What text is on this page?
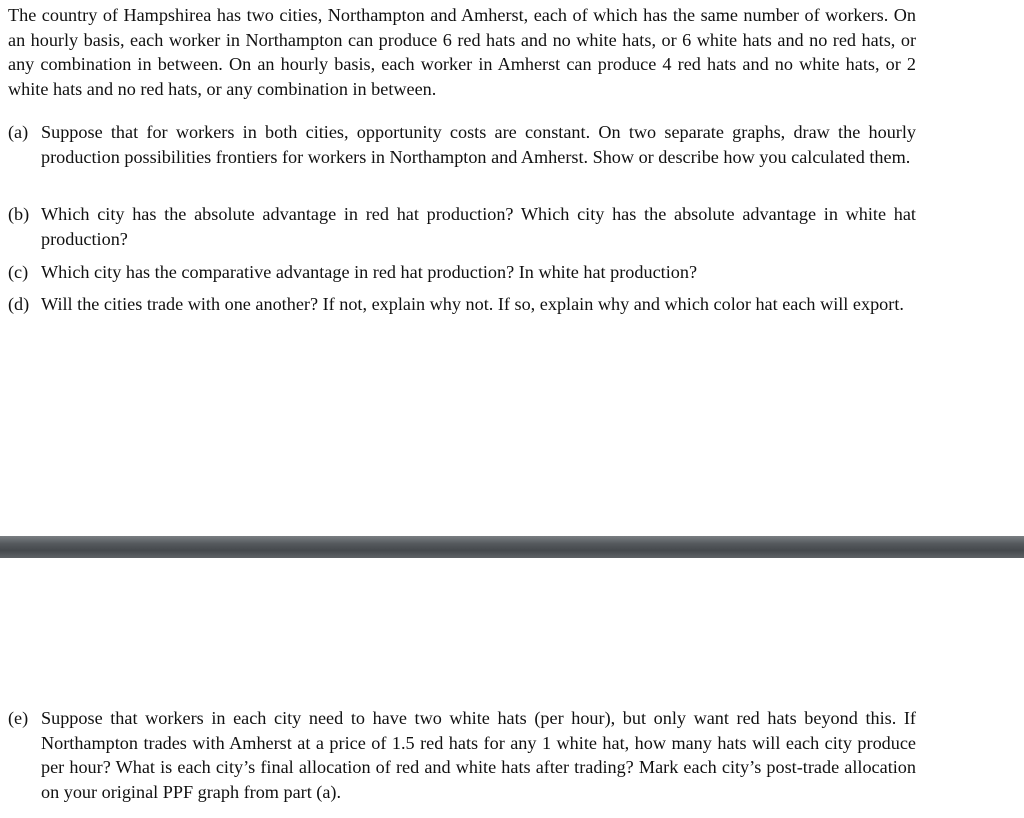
The country of Hampshirea has two cities, Northampton and Amherst, each of which has the same number of workers. On an hourly basis, each worker in Northampton can produce 6 red hats and no white hats, or 6 white hats and no red hats, or any combination in between. On an hourly basis, each worker in Amherst can produce 4 red hats and no white hats, or 2 white hats and no red hats, or any combination in between.

(a) Suppose that for workers in both cities, opportunity costs are constant. On two separate graphs, draw the hourly production possibilities frontiers for workers in Northampton and Amherst. Show or describe how you calculated them.
(b) Which city has the absolute advantage in red hat production? Which city has the absolute advantage in white hat production?
(c) Which city has the comparative advantage in red hat production? In white hat production?
(d) Will the cities trade with one another? If not, explain why not. If so, explain why and which color hat each will export.
(e) Suppose that workers in each city need to have two white hats (per hour), but only want red hats beyond this. If Northampton trades with Amherst at a price of 1.5 red hats for any 1 white hat, how many hats will each city produce per hour? What is each city’s final allocation of red and white hats after trading? Mark each city’s post-trade allocation on your original PPF graph from part (a).
